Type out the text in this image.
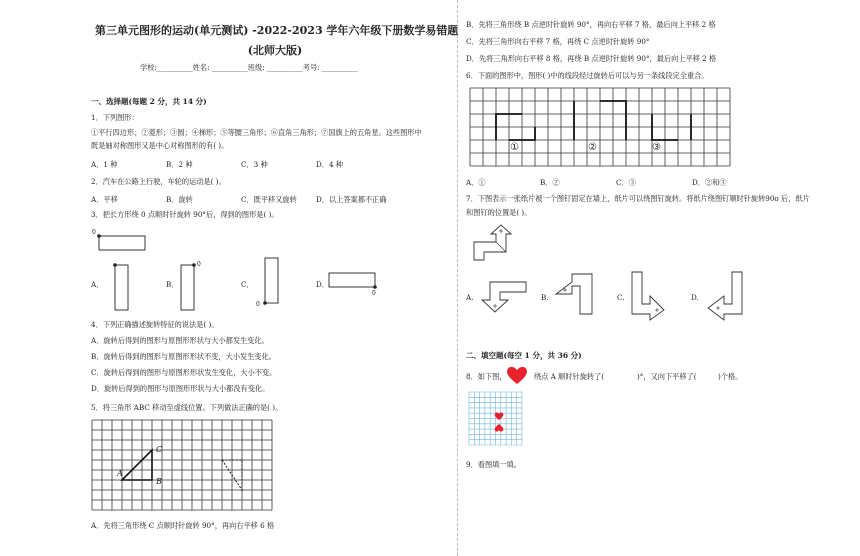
第三单元图形的运动(单元测试) -2022-2023 学年六年级下册数学易错题
(北师大版)
学校:__________姓名: __________班级: __________考号: __________
一、选择题(每题 2 分，共 14 分)
1．下列图形：
①平行四边形；②菱形；③圆；④梯形；⑤等腰三角形；⑥直角三角形；⑦国旗上的五角星。这些图形中
既是轴对称图形又是中心对称图形的有( )。
A．1 种	B．2 种	C．3 种	D．4 种
2．汽车在公路上行驶，车轮的运动是( )。
A．平移	B．旋转	C．既平移又旋转	D．以上答案都不正确
3．把长方形绕 0 点顺时针旋转 90°后，得到的图形是( )。
0
A．	B．
0
C．
0
D．
0
4．下列正确描述旋转特征的说法是( )。
A．旋转后得到的图形与原图形形状与大小都发生变化。
B．旋转后得到的图形与原图形形状不变，大小发生变化。
C．旋转后得到的图形与原图形形状发生变化，大小不变。
D．旋转后得到的图形与原图形形状与大小都没有变化。
5．将三角形 ABC 移动至虚线位置。下列做法正确的是( )。
A
B
C
A．先将三角形绕 C 点顺时针旋转 90°，再向右平移 6 格
B．先将三角形绕 B 点逆时针旋转 90°，再向右平移 7 格，最后向上平移 2 格
C．先将三角形向右平移 7 格，再绕 C 点逆时针旋转 90°
D．先将三角形向右平移 8 格，再绕 B 点逆时针旋转 90°，最后向上平移 2 格
6．下面的图形中，图形( )中的线段经过旋转后可以与另一条线段完全重合。
①	②	③
A．①	B．②	C．③	D．②和③
7．下图表示一张纸片被一个图钉固定在墙上，纸片可以绕图钉旋转。将纸片绕图钉顺时针旋转90o 后，纸片
和图钉的位置是( )。
A.	B.	C.	D.
二、填空题(每空 1 分，共 36 分)
8．如下图，	绕点 A 顺时针旋转了(	)°，又向下平移了(	)个格。
9．看图填一填。
